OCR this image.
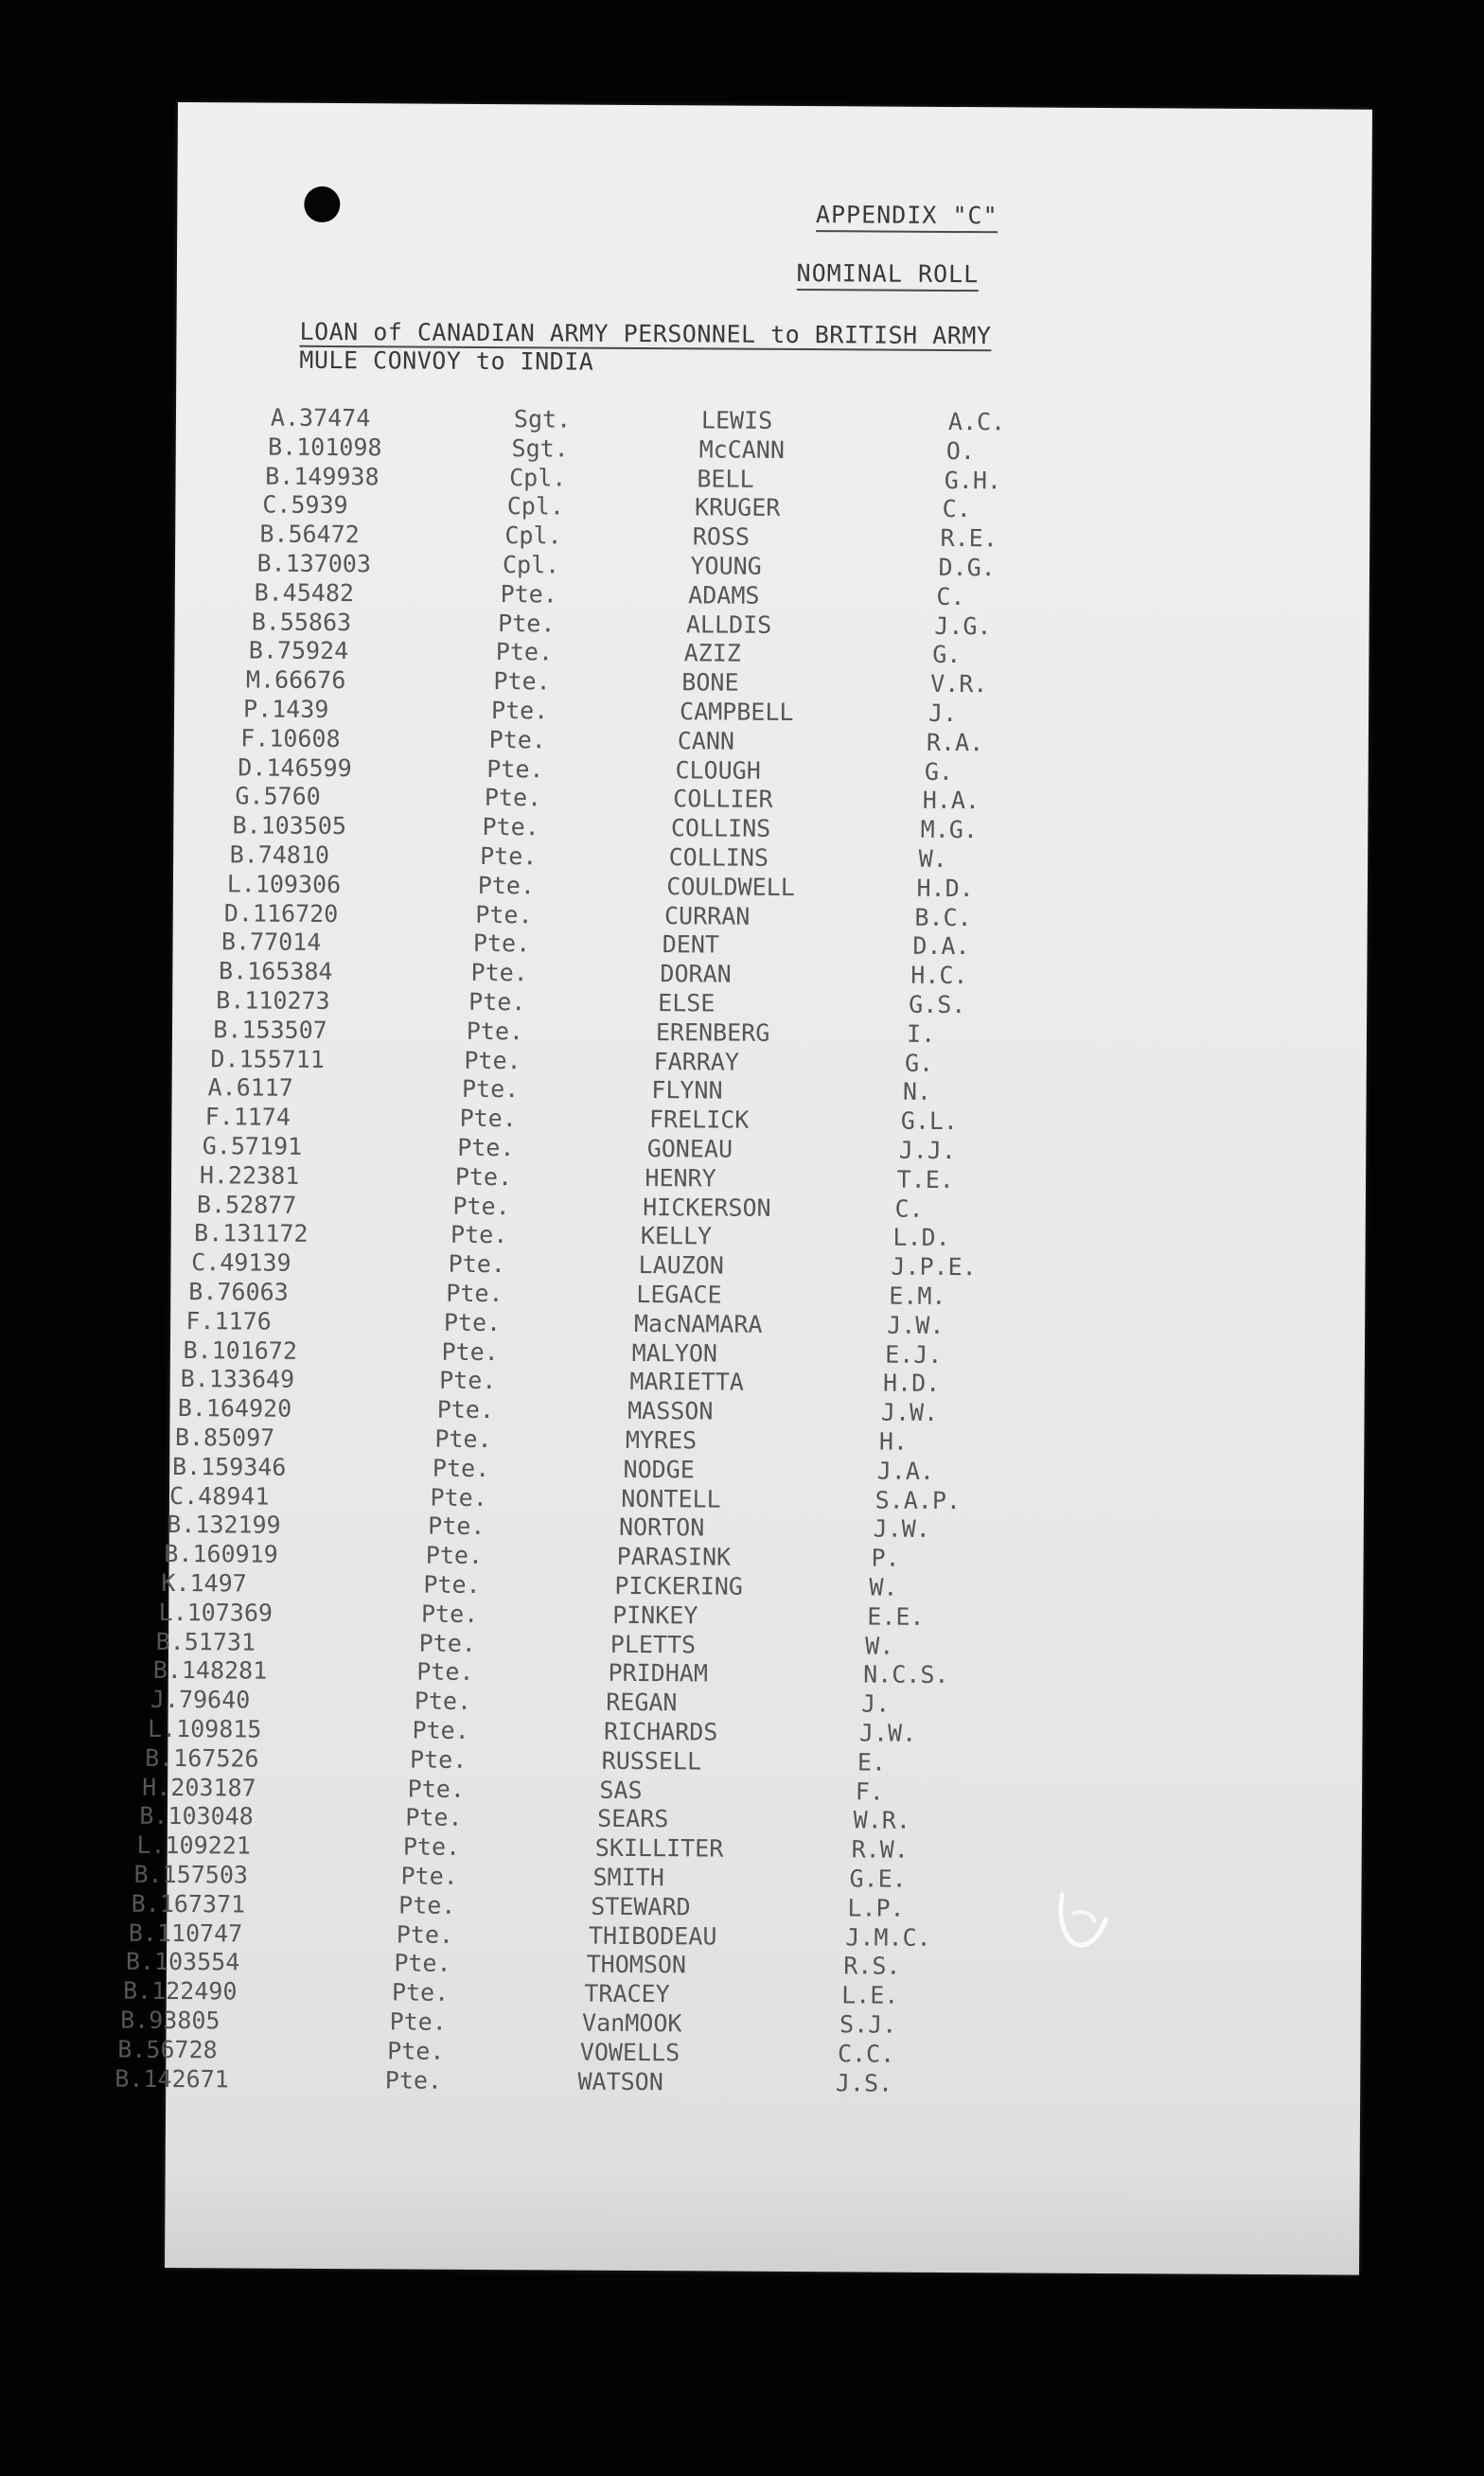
APPENDIX "C"
NOMINAL ROLL
LOAN of CANADIAN ARMY PERSONNEL to BRITISH ARMY
MULE CONVOY to INDIA
A.37474	Sgt.	LEWIS	A.C.
B.101098	Sgt.	McCANN	O.
B.149938	Cpl.	BELL	G.H.
C.5939	Cpl.	KRUGER	C.
B.56472	Cpl.	ROSS	R.E.
B.137003	Cpl.	YOUNG	D.G.
B.45482	Pte.	ADAMS	C.
B.55863	Pte.	ALLDIS	J.G.
B.75924	Pte.	AZIZ	G.
M.66676	Pte.	BONE	V.R.
P.1439	Pte.	CAMPBELL	J.
F.10608	Pte.	CANN	R.A.
D.146599	Pte.	CLOUGH	G.
G.5760	Pte.	COLLIER	H.A.
B.103505	Pte.	COLLINS	M.G.
B.74810	Pte.	COLLINS	W.
L.109306	Pte.	COULDWELL	H.D.
D.116720	Pte.	CURRAN	B.C.
B.77014	Pte.	DENT	D.A.
B.165384	Pte.	DORAN	H.C.
B.110273	Pte.	ELSE	G.S.
B.153507	Pte.	ERENBERG	I.
D.155711	Pte.	FARRAY	G.
A.6117	Pte.	FLYNN	N.
F.1174	Pte.	FRELICK	G.L.
G.57191	Pte.	GONEAU	J.J.
H.22381	Pte.	HENRY	T.E.
B.52877	Pte.	HICKERSON	C.
B.131172	Pte.	KELLY	L.D.
C.49139	Pte.	LAUZON	J.P.E.
B.76063	Pte.	LEGACE	E.M.
F.1176	Pte.	MacNAMARA	J.W.
B.101672	Pte.	MALYON	E.J.
B.133649	Pte.	MARIETTA	H.D.
B.164920	Pte.	MASSON	J.W.
B.85097	Pte.	MYRES	H.
B.159346	Pte.	NODGE	J.A.
C.48941	Pte.	NONTELL	S.A.P.
B.132199	Pte.	NORTON	J.W.
B.160919	Pte.	PARASINK	P.
K.1497	Pte.	PICKERING	W.
L.107369	Pte.	PINKEY	E.E.
B.51731	Pte.	PLETTS	W.
B.148281	Pte.	PRIDHAM	N.C.S.
J.79640	Pte.	REGAN	J.
L.109815	Pte.	RICHARDS	J.W.
B.167526	Pte.	RUSSELL	E.
H.203187	Pte.	SAS	F.
B.103048	Pte.	SEARS	W.R.
L.109221	Pte.	SKILLITER	R.W.
B.157503	Pte.	SMITH	G.E.
B.167371	Pte.	STEWARD	L.P.
B.110747	Pte.	THIBODEAU	J.M.C.
B.103554	Pte.	THOMSON	R.S.
B.122490	Pte.	TRACEY	L.E.
B.93805	Pte.	VanMOOK	S.J.
B.56728	Pte.	VOWELLS	C.C.
B.142671	Pte.	WATSON	J.S.
